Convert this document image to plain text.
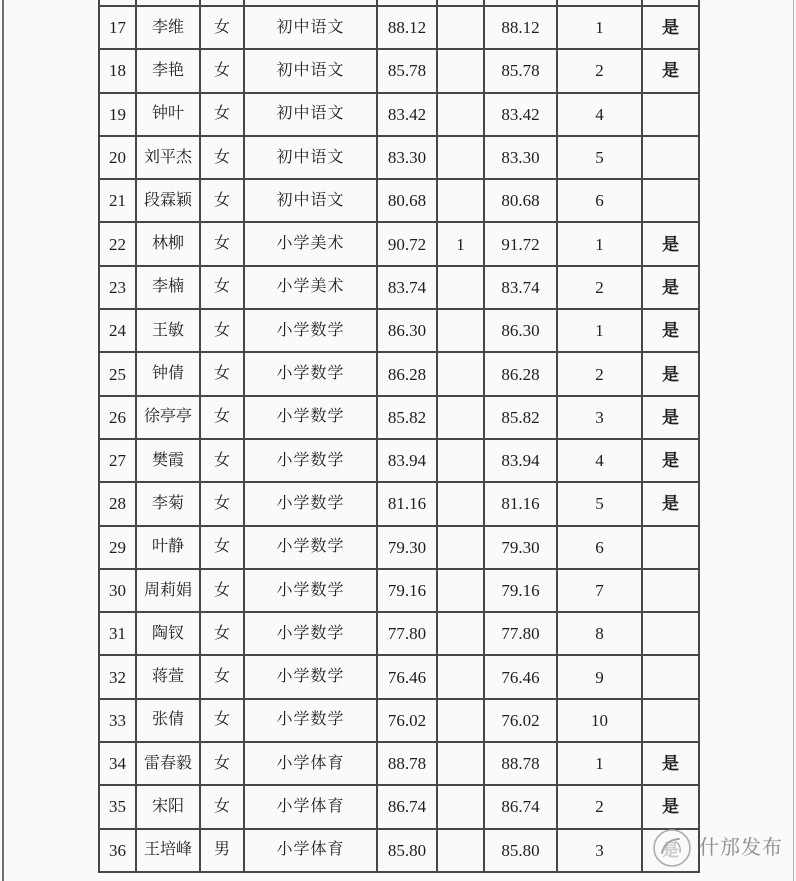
17	李维	女	初中语文	88.12		88.12	1	是
18	李艳	女	初中语文	85.78		85.78	2	是
19	钟叶	女	初中语文	83.42		83.42	4	
20	刘平杰	女	初中语文	83.30		83.30	5	
21	段霖颖	女	初中语文	80.68		80.68	6	
22	林柳	女	小学美术	90.72	1	91.72	1	是
23	李楠	女	小学美术	83.74		83.74	2	是
24	王敏	女	小学数学	86.30		86.30	1	是
25	钟倩	女	小学数学	86.28		86.28	2	是
26	徐亭亭	女	小学数学	85.82		85.82	3	是
27	樊霞	女	小学数学	83.94		83.94	4	是
28	李菊	女	小学数学	81.16		81.16	5	是
29	叶静	女	小学数学	79.30		79.30	6	
30	周莉娟	女	小学数学	79.16		79.16	7	
31	陶钗	女	小学数学	77.80		77.80	8	
32	蒋萱	女	小学数学	76.46		76.46	9	
33	张倩	女	小学数学	76.02		76.02	10	
34	雷春毅	女	小学体育	88.78		88.78	1	是
35	宋阳	女	小学体育	86.74		86.74	2	是
36	王培峰	男	小学体育	85.80		85.80	3		什邡发布
